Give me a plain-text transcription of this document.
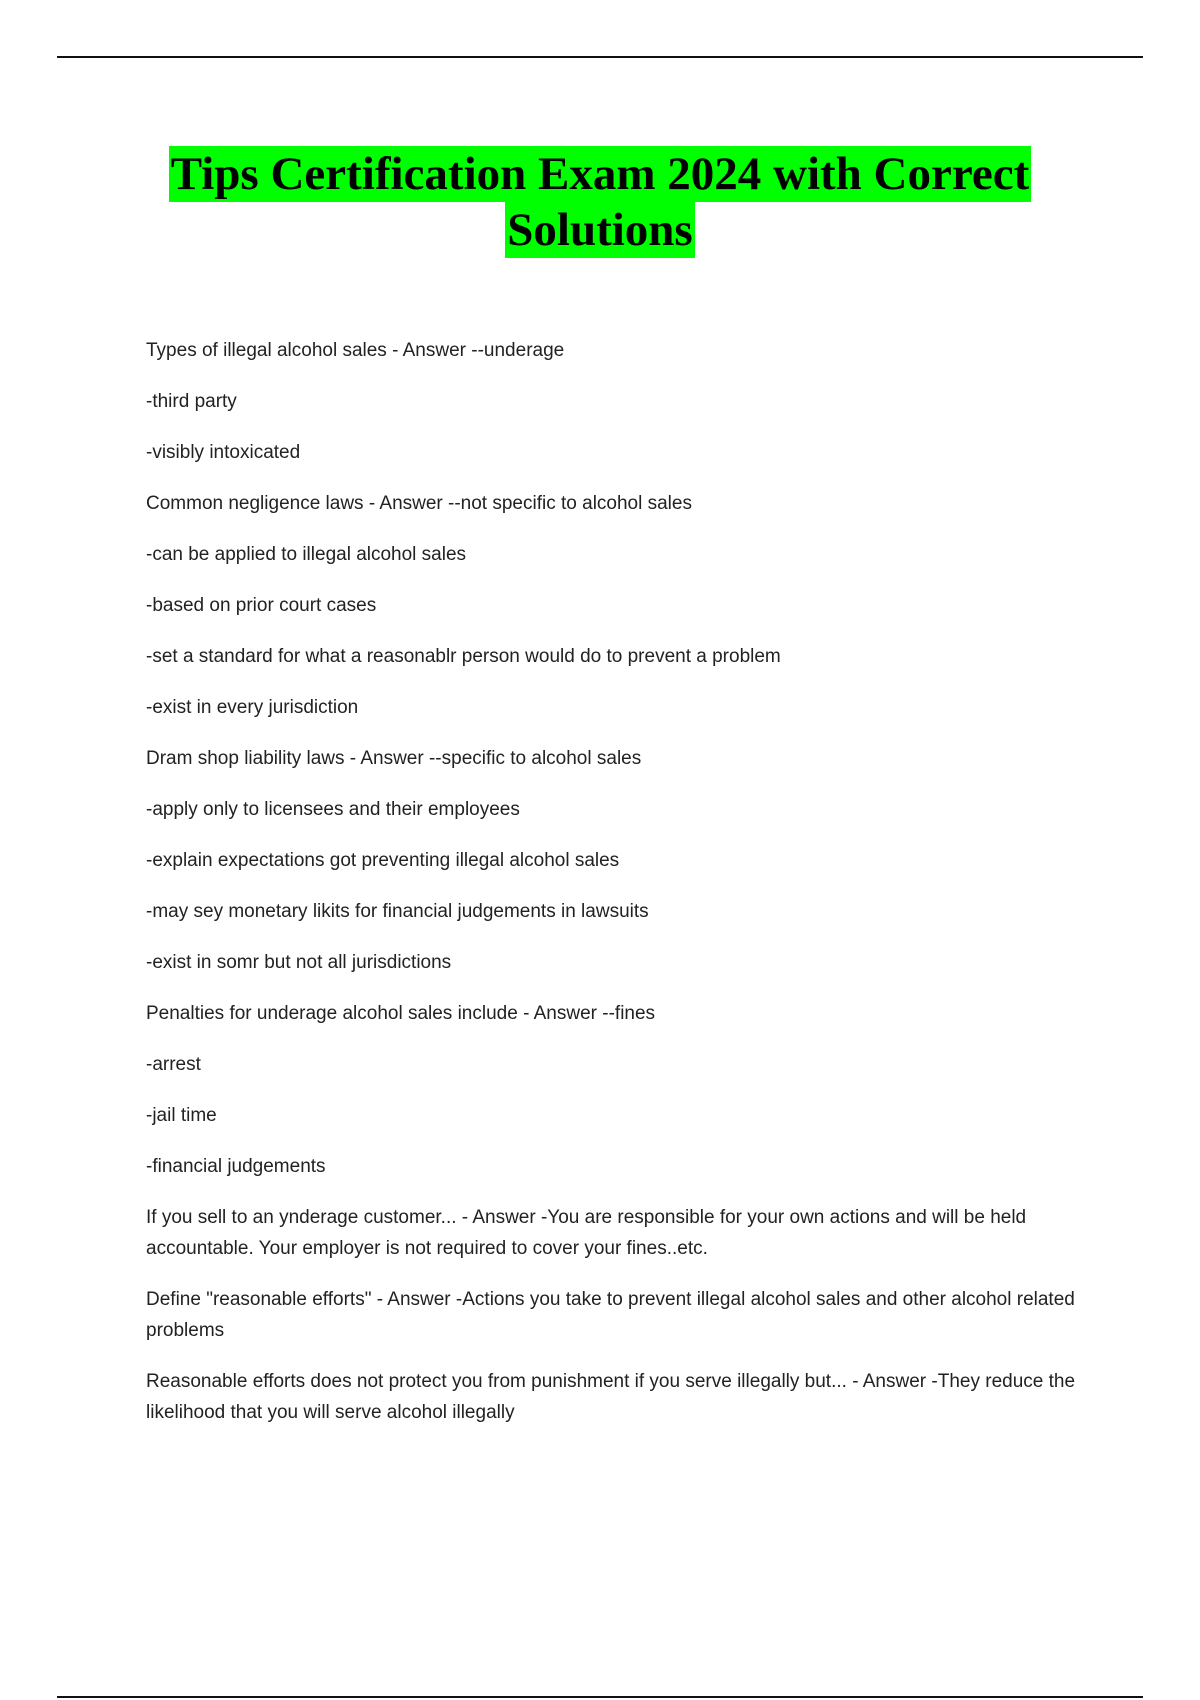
Tips Certification Exam 2024 with Correct
Solutions

Types of illegal alcohol sales - Answer --underage

-third party

-visibly intoxicated

Common negligence laws - Answer --not specific to alcohol sales

-can be applied to illegal alcohol sales

-based on prior court cases

-set a standard for what a reasonablr person would do to prevent a problem

-exist in every jurisdiction

Dram shop liability laws - Answer --specific to alcohol sales

-apply only to licensees and their employees

-explain expectations got preventing illegal alcohol sales

-may sey monetary likits for financial judgements in lawsuits

-exist in somr but not all jurisdictions

Penalties for underage alcohol sales include - Answer --fines

-arrest

-jail time

-financial judgements

If you sell to an ynderage customer... - Answer -You are responsible for your own actions and will be held accountable. Your employer is not required to cover your fines..etc.

Define "reasonable efforts" - Answer -Actions you take to prevent illegal alcohol sales and other alcohol related problems

Reasonable efforts does not protect you from punishment if you serve illegally but... - Answer -They reduce the likelihood that you will serve alcohol illegally
